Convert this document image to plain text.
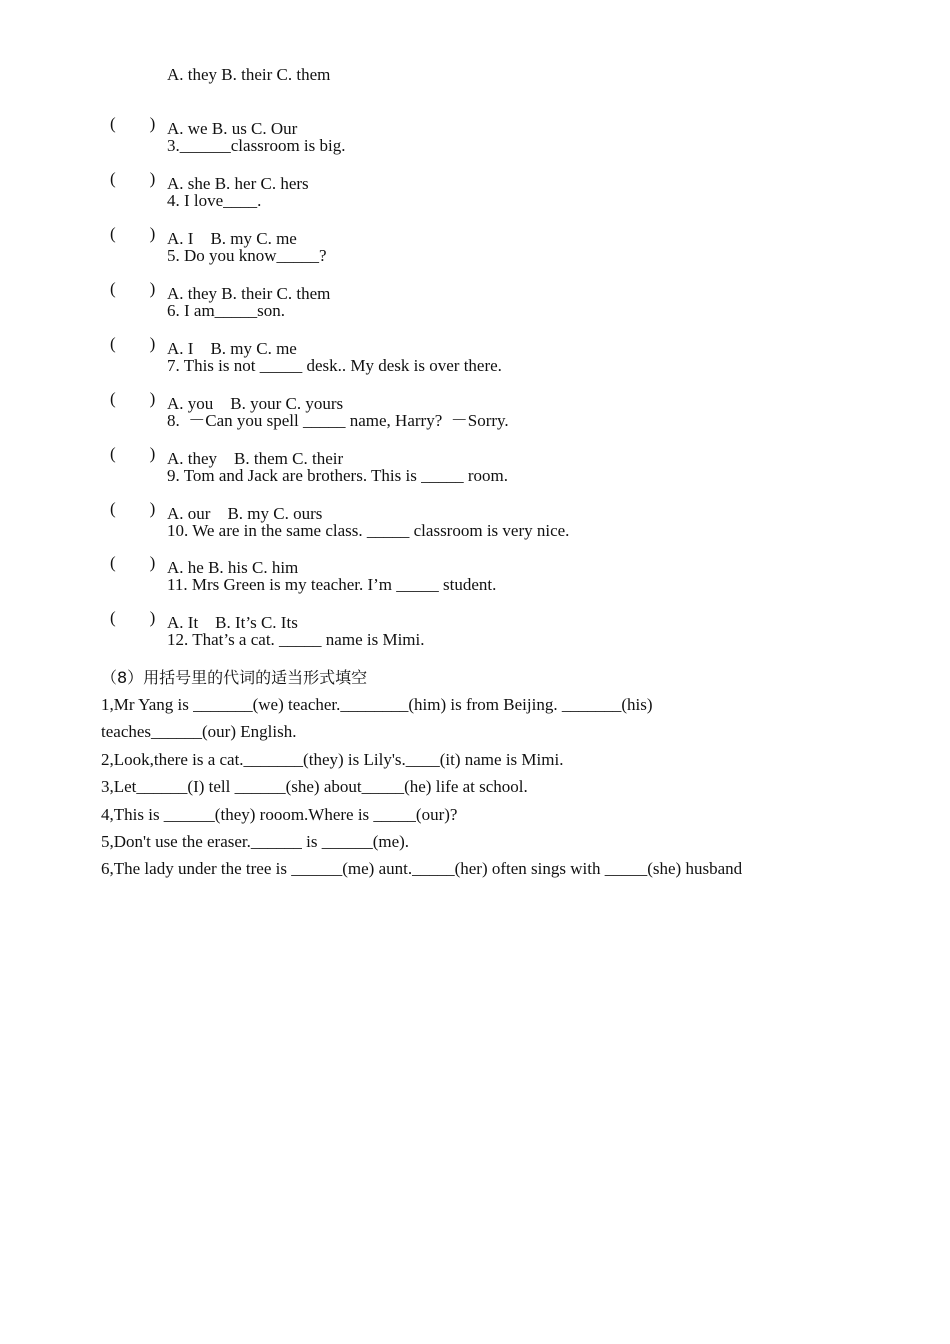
A. they B. their C. them

(        )

3.______classroom is big.

A. we B. us C. Our

(        )

4. I love____.

A. she B. her C. hers

(        )

5. Do you know_____?

A. I    B. my C. me

(        )

6. I am_____son.

A. they B. their C. them

(        )

7. This is not _____ desk.. My desk is over there.

A. I    B. my C. me

(        )

8.  －Can you spell _____ name, Harry?  －Sorry.

A. you    B. your C. yours

(        )

9. Tom and Jack are brothers. This is _____ room.

A. they    B. them C. their

(        )

10. We are in the same class. _____ classroom is very nice.

A. our    B. my C. ours

(        )

11. Mrs Green is my teacher. I’m _____ student.

A. he B. his C. him

(        )

12. That’s a cat. _____ name is Mimi.

A. It    B. It’s C. Its
（8）用括号里的代词的适当形式填空
1,Mr Yang is _______(we) teacher.________(him) is from Beijing. _______(his)
teaches______(our) English.
2,Look,there is a cat._______(they) is Lily's.____(it) name is Mimi.
3,Let______(I) tell ______(she) about_____(he) life at school.
4,This is ______(they) rooom.Where is _____(our)?
5,Don't use the eraser.______ is ______(me).
6,The lady under the tree is ______(me) aunt._____(her) often sings with _____(she) husband
